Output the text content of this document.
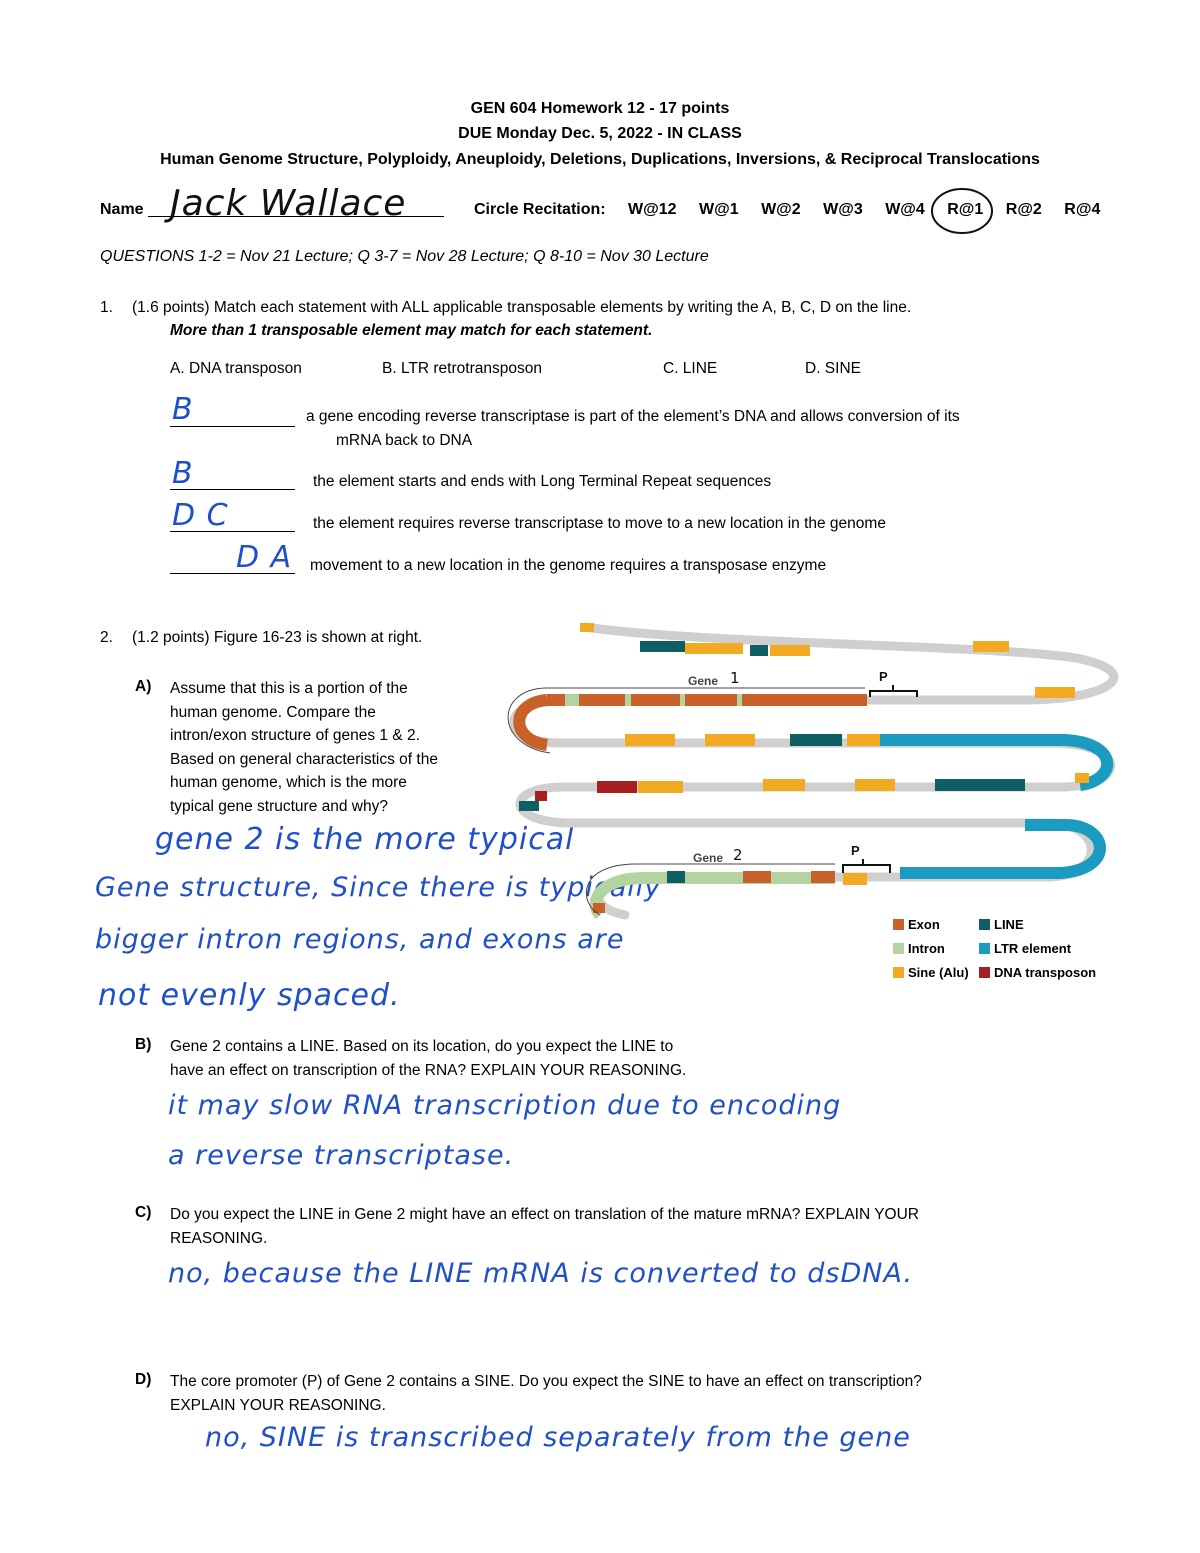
GEN 604 Homework 12 - 17 points
DUE Monday Dec. 5, 2022 - IN CLASS
Human Genome Structure, Polyploidy, Aneuploidy, Deletions, Duplications, Inversions, & Reciprocal Translocations
Name Jack Wallace	Circle Recitation: W@12 W@1 W@2 W@3 W@4 R@1 R@2 R@4
QUESTIONS 1-2 = Nov 21 Lecture; Q 3-7 = Nov 28 Lecture; Q 8-10 = Nov 30 Lecture
1. (1.6 points) Match each statement with ALL applicable transposable elements by writing the A, B, C, D on the line.
More than 1 transposable element may match for each statement.
A. DNA transposon	B. LTR retrotransposon	C. LINE	D. SINE
B	a gene encoding reverse transcriptase is part of the element’s DNA and allows conversion of its
mRNA back to DNA
B	the element starts and ends with Long Terminal Repeat sequences
D C	the element requires reverse transcriptase to move to a new location in the genome
D A movement to a new location in the genome requires a transposase enzyme
2. (1.2 points) Figure 16-23 is shown at right.
A) Assume that this is a portion of the
human genome. Compare the
intron/exon structure of genes 1 & 2.
Based on general characteristics of the
human genome, which is the more
typical gene structure and why?
gene 2 is the more typical
Gene structure, Since there is typically
bigger intron regions, and exons are
not evenly spaced.
Gene 1	P
Gene 2	P
Exon	LINE
Intron	LTR element
Sine (Alu) DNA transposon
B) Gene 2 contains a LINE. Based on its location, do you expect the LINE to
have an effect on transcription of the RNA? EXPLAIN YOUR REASONING.
it may slow RNA transcription due to encoding
a reverse transcriptase.
C) Do you expect the LINE in Gene 2 might have an effect on translation of the mature mRNA? EXPLAIN YOUR
REASONING.
no, because the LINE mRNA is converted to dsDNA.
D) The core promoter (P) of Gene 2 contains a SINE. Do you expect the SINE to have an effect on transcription?
EXPLAIN YOUR REASONING.
no, SINE is transcribed separately from the gene
